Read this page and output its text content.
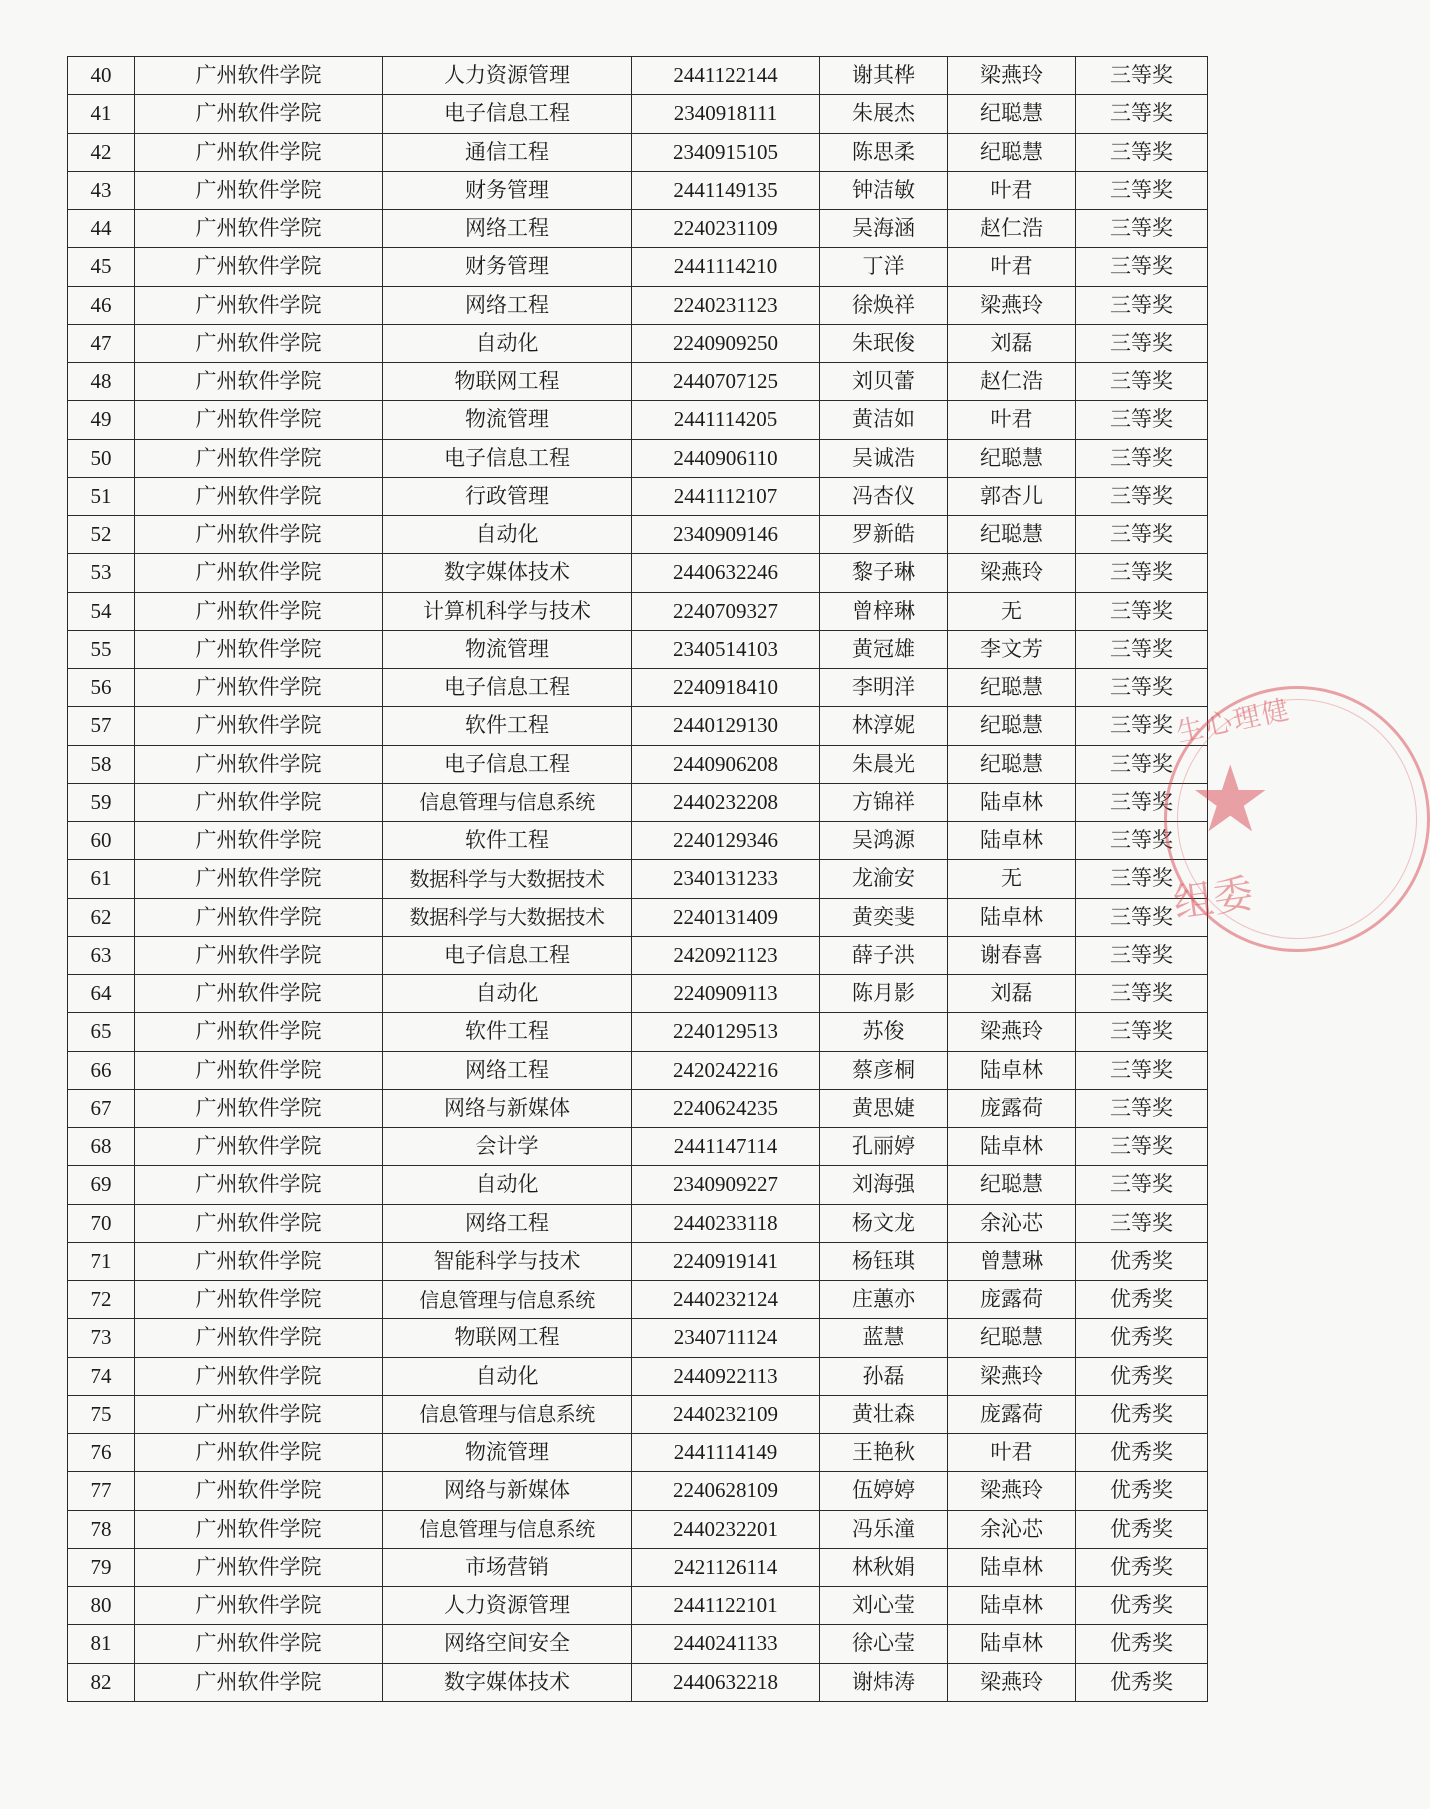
40	广州软件学院	人力资源管理	2441122144	谢其桦	梁燕玲	三等奖
41	广州软件学院	电子信息工程	2340918111	朱展杰	纪聪慧	三等奖
42	广州软件学院	通信工程	2340915105	陈思柔	纪聪慧	三等奖
43	广州软件学院	财务管理	2441149135	钟洁敏	叶君	三等奖
44	广州软件学院	网络工程	2240231109	吴海涵	赵仁浩	三等奖
45	广州软件学院	财务管理	2441114210	丁洋	叶君	三等奖
46	广州软件学院	网络工程	2240231123	徐焕祥	梁燕玲	三等奖
47	广州软件学院	自动化	2240909250	朱珉俊	刘磊	三等奖
48	广州软件学院	物联网工程	2440707125	刘贝蕾	赵仁浩	三等奖
49	广州软件学院	物流管理	2441114205	黄洁如	叶君	三等奖
50	广州软件学院	电子信息工程	2440906110	吴诚浩	纪聪慧	三等奖
51	广州软件学院	行政管理	2441112107	冯杏仪	郭杏儿	三等奖
52	广州软件学院	自动化	2340909146	罗新皓	纪聪慧	三等奖
53	广州软件学院	数字媒体技术	2440632246	黎子琳	梁燕玲	三等奖
54	广州软件学院	计算机科学与技术	2240709327	曾梓琳	无	三等奖
55	广州软件学院	物流管理	2340514103	黄冠雄	李文芳	三等奖
56	广州软件学院	电子信息工程	2240918410	李明洋	纪聪慧	三等奖
57	广州软件学院	软件工程	2440129130	林淳妮	纪聪慧	三等奖
58	广州软件学院	电子信息工程	2440906208	朱晨光	纪聪慧	三等奖
59	广州软件学院	信息管理与信息系统	2440232208	方锦祥	陆卓林	三等奖
60	广州软件学院	软件工程	2240129346	吴鸿源	陆卓林	三等奖
61	广州软件学院	数据科学与大数据技术	2340131233	龙渝安	无	三等奖
62	广州软件学院	数据科学与大数据技术	2240131409	黄奕斐	陆卓林	三等奖
63	广州软件学院	电子信息工程	2420921123	薛子洪	谢春喜	三等奖
64	广州软件学院	自动化	2240909113	陈月影	刘磊	三等奖
65	广州软件学院	软件工程	2240129513	苏俊	梁燕玲	三等奖
66	广州软件学院	网络工程	2420242216	蔡彦桐	陆卓林	三等奖
67	广州软件学院	网络与新媒体	2240624235	黄思婕	庞露荷	三等奖
68	广州软件学院	会计学	2441147114	孔丽婷	陆卓林	三等奖
69	广州软件学院	自动化	2340909227	刘海强	纪聪慧	三等奖
70	广州软件学院	网络工程	2440233118	杨文龙	余沁芯	三等奖
71	广州软件学院	智能科学与技术	2240919141	杨钰琪	曾慧琳	优秀奖
72	广州软件学院	信息管理与信息系统	2440232124	庄蕙亦	庞露荷	优秀奖
73	广州软件学院	物联网工程	2340711124	蓝慧	纪聪慧	优秀奖
74	广州软件学院	自动化	2440922113	孙磊	梁燕玲	优秀奖
75	广州软件学院	信息管理与信息系统	2440232109	黄壮森	庞露荷	优秀奖
76	广州软件学院	物流管理	2441114149	王艳秋	叶君	优秀奖
77	广州软件学院	网络与新媒体	2240628109	伍婷婷	梁燕玲	优秀奖
78	广州软件学院	信息管理与信息系统	2440232201	冯乐潼	余沁芯	优秀奖
79	广州软件学院	市场营销	2421126114	林秋娟	陆卓林	优秀奖
80	广州软件学院	人力资源管理	2441122101	刘心莹	陆卓林	优秀奖
81	广州软件学院	网络空间安全	2440241133	徐心莹	陆卓林	优秀奖
82	广州软件学院	数字媒体技术	2440632218	谢炜涛	梁燕玲	优秀奖
生心理健
★
组委
